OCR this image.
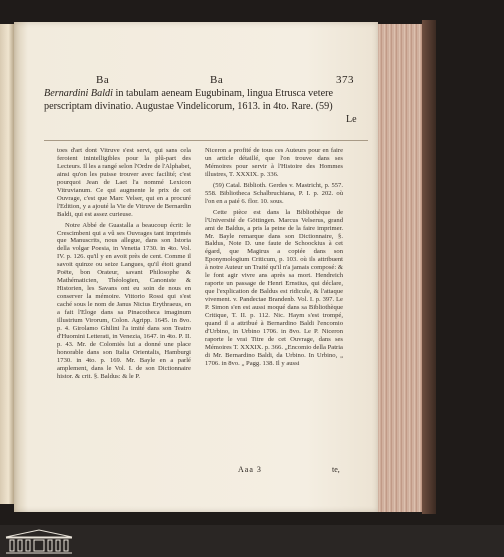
Ba	Ba	373
Bernardini Baldi in tabulam aeneam Eugubinam, lingua Etrusca vetere perscriptam divinatio. Augustae Vindelicorum, 1613. in 4to. Rare. (59)
Le

toes d'art dont Vitruve s'est servi, qui sans cela feroient inintelligibles pour la plû-part des Lecteurs. Il les a rangé selon l'Ordre de l'Alphabet, ainsi qu'on les puisse trouver avec facilité; c'est pourquoi Jean de Laet l'a nommé Lexicon Vitruvianum. Ce qui augmente le prix de cet Ouvrage, c'est que Marc Velser, qui en a procuré l'Edition, y a ajouté la Vie de Vitruve de Bernardin Baldi, qui est assez curieuse.

Notre Abbé de Guastalla a beaucoup écrit: le Crescimbeni qui a vû ses Ouvrages tant imprimés que Manuscrits, nous allegue, dans son Istoria della volgar Poesia, in Venetia 1730. in 4to. Vol. IV. p. 126. qu'il y en avoit près de cent. Comme il savoit quinze ou seize Langues, qu'il étoit grand Poëte, bon Orateur, savant Philosophe & Mathématicien, Théologien, Canoniste & Historien, les Savans ont eu soin de nous en conserver la mémoire. Vittorio Rossi qui s'est caché sous le nom de Janus Nicius Erythraeus, en a fait l'Eloge dans sa Pinacotheca imaginum illustrium Virorum, Colon. Agripp. 1645. in 8vo. p. 4. Girolamo Ghilini l'a imité dans son Teatro d'Huomini Letterati, in Venezia, 1647. in 4to. P. II. p. 43. Mr. de Colomiès lui a donné une place honorable dans son Italia Orientalis, Hamburgi 1730. in 4to. p. 169. Mr. Bayle en a parlé amplement, dans le Vol. I. de son Dictionnaire histor. & crit. §. Baldus: & le P.

Niceron a profité de tous ces Auteurs pour en faire un article détaillé, que l'on trouve dans ses Mémoires pour servir à l'Histoire des Hommes illustres, T. XXXIX. p. 336.

(59) Catal. Biblioth. Gerdes v. Mastricht, p. 557. 558. Bibliotheca Schalbruchiana, P. I. p. 202. où l'on en a paié 6. flor. 10. sous.

Cette pièce est dans la Bibliothèque de l'Université de Göttingen. Marcus Velserus, grand ami de Baldus, a pris la peine de la faire imprimer. Mr. Bayle remarque dans son Dictionnaire, §. Baldus, Note D. une faute de Schoockius à cet égard, que Magirus a copiée dans son Eponymologium Criticum, p. 103. où ils attribuent à notre Auteur un Traité qu'il n'a jamais composé: & le font agir vivre ans après sa mort. Hendreich raporte un passage de Henri Ernstius, qui déclare, que l'explication de Baldus est ridicule, & l'attaque vivement. v. Pandectae Brandenb. Vol. I. p. 397. Le P. Simon s'en est aussi moqué dans sa Bibliothèque Critique, T. II. p. 112. Nic. Haym s'est trompé, quand il a attribué à Bernardino Baldi l'encomio d'Urbino, in Urbino 1706. in 8vo. Le P. Niceron raporte le vrai Titre de cet Ouvrage, dans ses Mémoires T. XXXIX. p. 366. „Encomio della Patria di Mr. Bernardino Baldi, da Urbino. In Urbino, „ 1706. in 8vo. „ Pagg. 138. Il y aussi

Aaa 3	te,
